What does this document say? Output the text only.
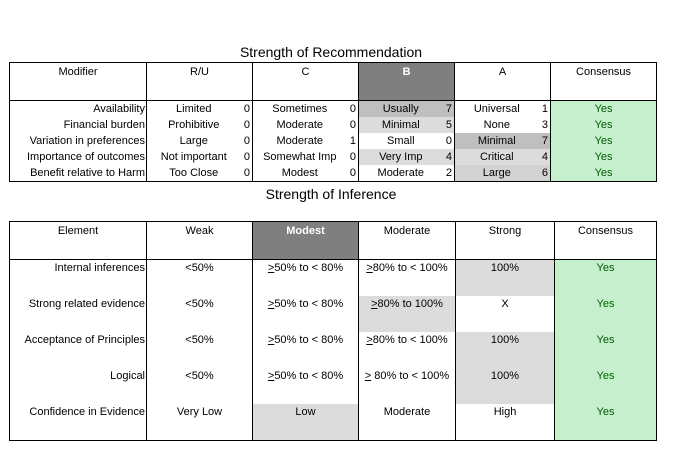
Strength of Recommendation
Modifier	R/U		C		B		A		Consensus
Availability	Limited	0	Sometimes	0	Usually	7	Universal	1	Yes
Financial burden	Prohibitive	0	Moderate	0	Minimal	5	None	3	Yes
Variation in preferences	Large	0	Moderate	1	Small	0	Minimal	7	Yes
Importance of outcomes	Not important	0	Somewhat Imp	0	Very Imp	4	Critical	4	Yes
Benefit relative to Harm	Too Close	0	Modest	0	Moderate	2	Large	6	Yes
Strength of Inference
Element	Weak	Modest	Moderate	Strong	Consensus
Internal inferences	<50%	≥50% to < 80%	≥80% to < 100%	100%	Yes
Strong related evidence	<50%	≥50% to < 80%	≥80% to 100%	X	Yes
Acceptance of Principles	<50%	≥50% to < 80%	≥80% to < 100%	100%	Yes
Logical	<50%	≥50% to < 80%	≥ 80% to < 100%	100%	Yes
Confidence in Evidence	Very Low	Low	Moderate	High	Yes
